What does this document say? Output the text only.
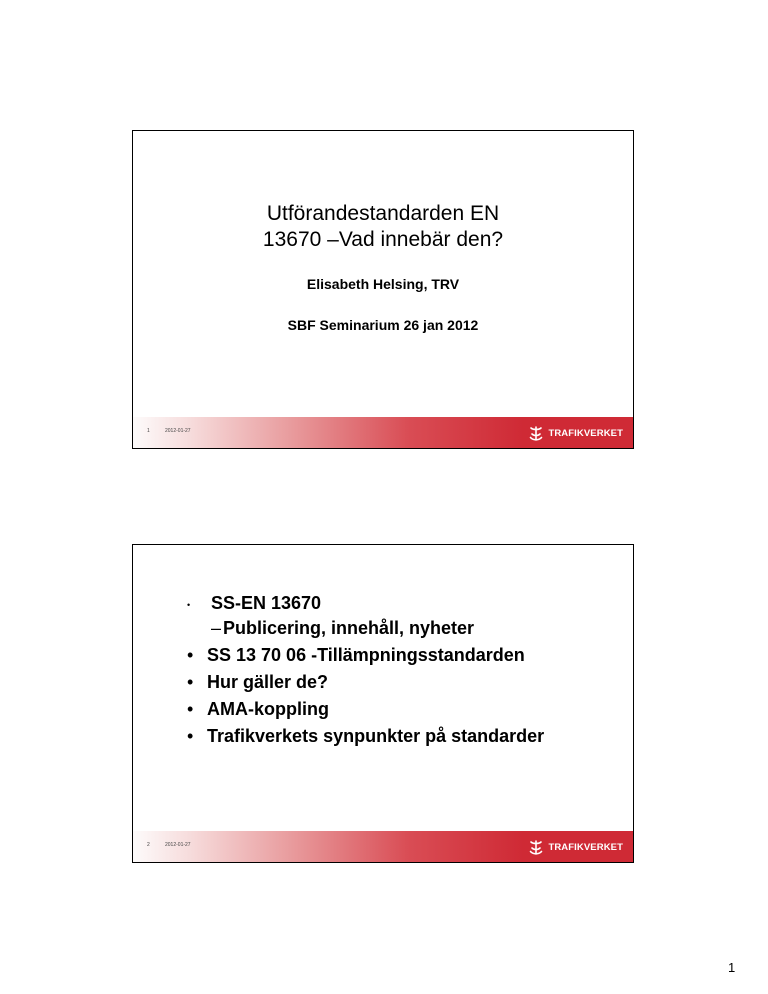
Utförandestandarden EN
13670 –Vad innebär den?
Elisabeth Helsing, TRV
SBF Seminarium 26 jan 2012
1	2012-01-27	TRAFIKVERKET
• SS-EN 13670
– Publicering, innehåll, nyheter
• SS 13 70 06 -Tillämpningsstandarden
• Hur gäller de?
• AMA-koppling
• Trafikverkets synpunkter på standarder
2	2012-01-27	TRAFIKVERKET
1
